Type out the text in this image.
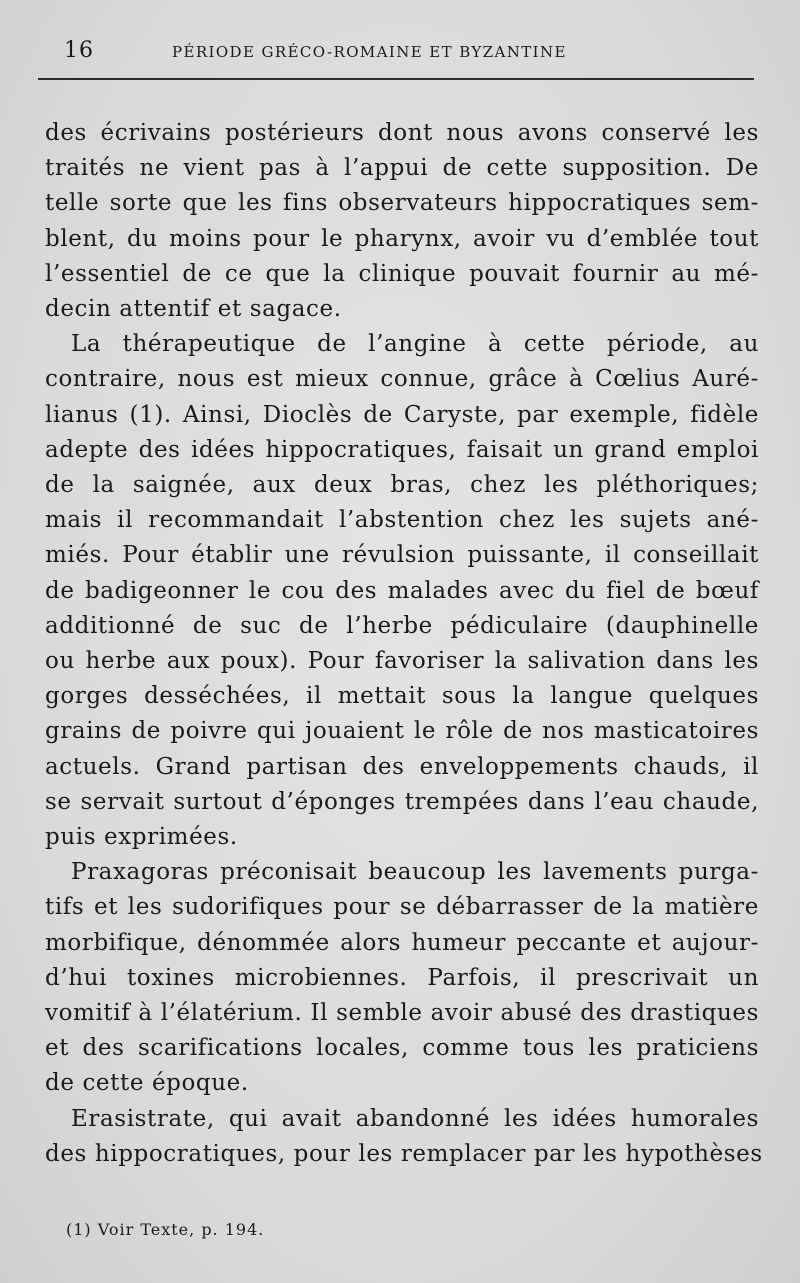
16	PÉRIODE GRÉCO-ROMAINE ET BYZANTINE
des écrivains postérieurs dont nous avons conservé les
traités ne vient pas à l’appui de cette supposition. De
telle sorte que les fins observateurs hippocratiques sem-
blent, du moins pour le pharynx, avoir vu d’emblée tout
l’essentiel de ce que la clinique pouvait fournir au mé-
decin attentif et sagace.
La thérapeutique de l’angine à cette période, au
contraire, nous est mieux connue, grâce à Cœlius Auré-
lianus (1). Ainsi, Dioclès de Caryste, par exemple, fidèle
adepte des idées hippocratiques, faisait un grand emploi
de la saignée, aux deux bras, chez les pléthoriques;
mais il recommandait l’abstention chez les sujets ané-
miés. Pour établir une révulsion puissante, il conseillait
de badigeonner le cou des malades avec du fiel de bœuf
additionné de suc de l’herbe pédiculaire (dauphinelle
ou herbe aux poux). Pour favoriser la salivation dans les
gorges desséchées, il mettait sous la langue quelques
grains de poivre qui jouaient le rôle de nos masticatoires
actuels. Grand partisan des enveloppements chauds, il
se servait surtout d’éponges trempées dans l’eau chaude,
puis exprimées.
Praxagoras préconisait beaucoup les lavements purga-
tifs et les sudorifiques pour se débarrasser de la matière
morbifique, dénommée alors humeur peccante et aujour-
d’hui toxines microbiennes. Parfois, il prescrivait un
vomitif à l’élatérium. Il semble avoir abusé des drastiques
et des scarifications locales, comme tous les praticiens
de cette époque.
Erasistrate, qui avait abandonné les idées humorales
des hippocratiques, pour les remplacer par les hypothèses
(1) Voir Texte, p. 194.
